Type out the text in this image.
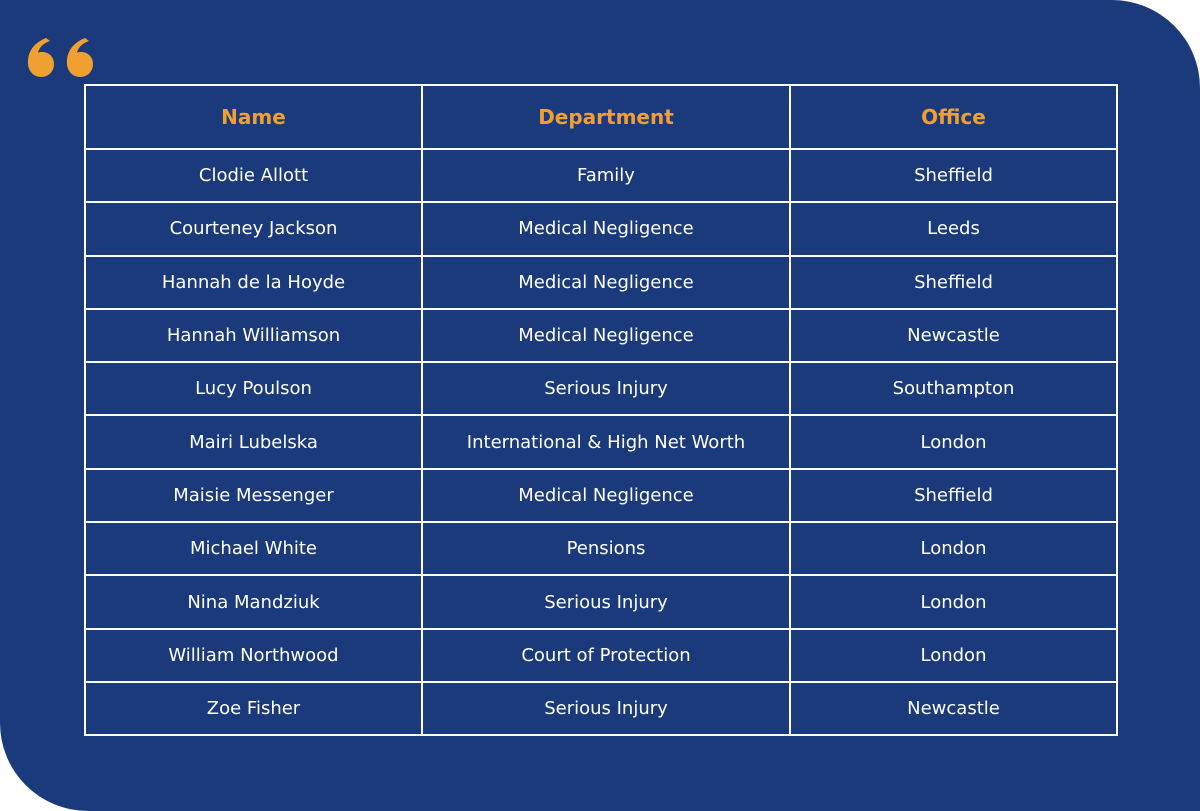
Name	Department	Office
Clodie Allott	Family	Sheffield
Courteney Jackson	Medical Negligence	Leeds
Hannah de la Hoyde	Medical Negligence	Sheffield
Hannah Williamson	Medical Negligence	Newcastle
Lucy Poulson	Serious Injury	Southampton
Mairi Lubelska	International & High Net Worth	London
Maisie Messenger	Medical Negligence	Sheffield
Michael White	Pensions	London
Nina Mandziuk	Serious Injury	London
William Northwood	Court of Protection	London
Zoe Fisher	Serious Injury	Newcastle
